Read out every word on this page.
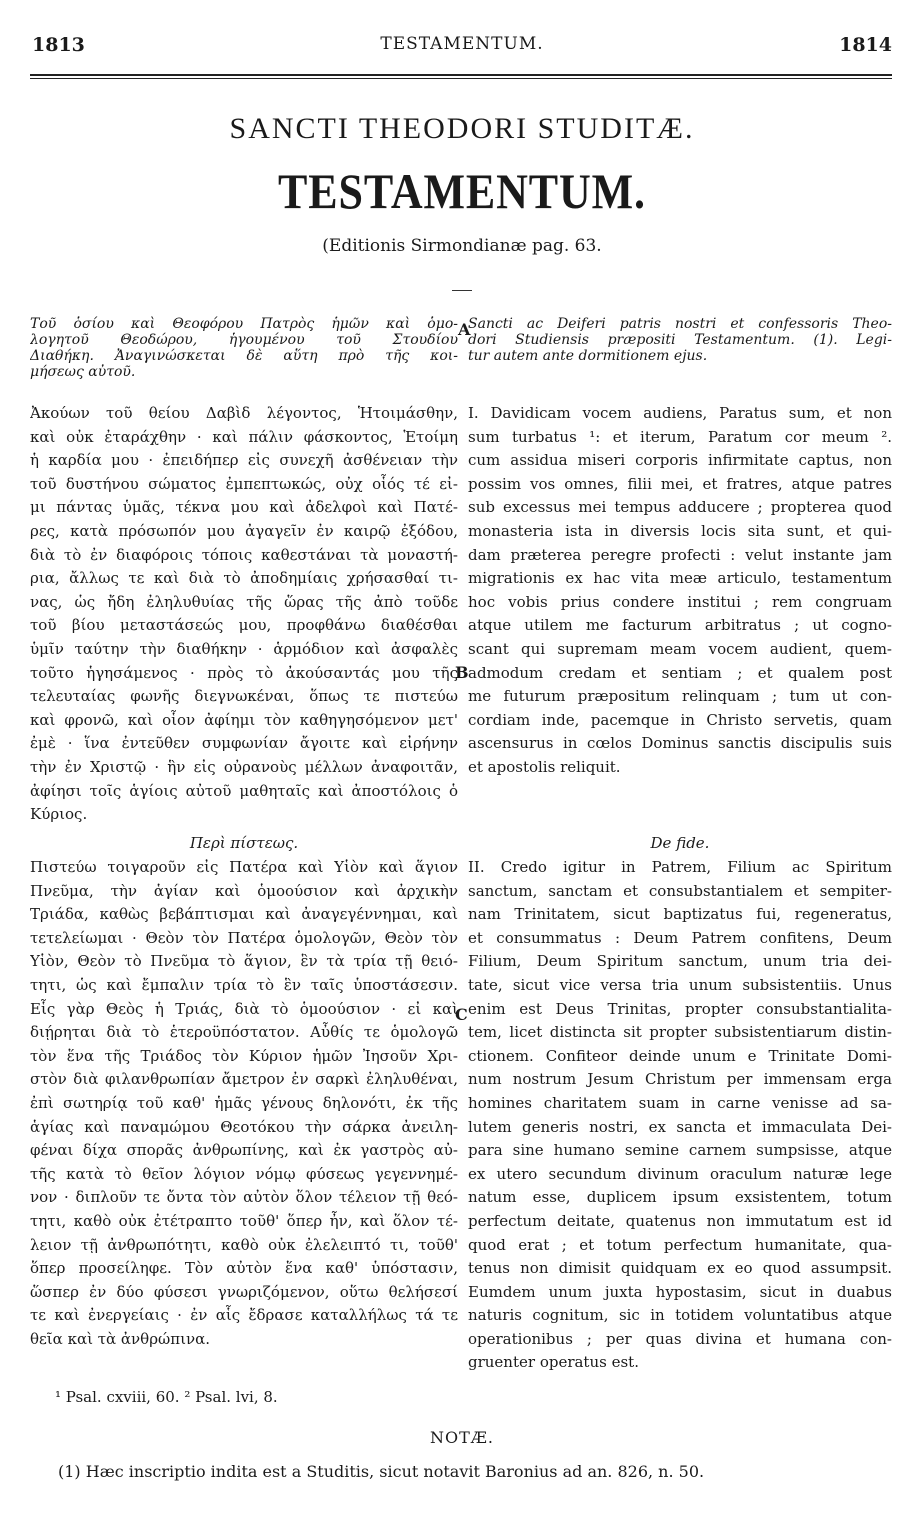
1813	TESTAMENTUM.	1814
SANCTI THEODORI STUDITÆ.
TESTAMENTUM.
(Editionis Sirmondianæ pag. 63.
Τοῦ ὁσίου καὶ Θεοφόρου Πατρὸς ἡμῶν καὶ ὁμο-
λογητοῦ Θεοδώρου, ἡγουμένου τοῦ Στουδίου
Διαθήκη. Ἀναγινώσκεται δὲ αὕτη πρὸ τῆς κοι-
μήσεως αὐτοῦ.
Ἀκούων τοῦ θείου Δαβὶδ λέγοντος, Ἡτοιμάσθην,
καὶ οὐκ ἐταράχθην · καὶ πάλιν φάσκοντος, Ἑτοίμη
ἡ καρδία μου · ἐπειδήπερ εἰς συνεχῆ ἀσθένειαν τὴν
τοῦ δυστήνου σώματος ἐμπεπτωκώς, οὐχ οἷός τέ εἰ-
μι πάντας ὑμᾶς, τέκνα μου καὶ ἀδελφοὶ καὶ Πατέ-
ρες, κατὰ πρόσωπόν μου ἀγαγεῖν ἐν καιρῷ ἐξόδου,
διὰ τὸ ἐν διαφόροις τόποις καθεστάναι τὰ μοναστή-
ρια, ἄλλως τε καὶ διὰ τὸ ἀποδημίαις χρήσασθαί τι-
νας, ὡς ἤδη ἐληλυθυίας τῆς ὥρας τῆς ἀπὸ τοῦδε
τοῦ βίου μεταστάσεώς μου, προφθάνω διαθέσθαι
ὑμῖν ταύτην τὴν διαθήκην · ἁρμόδιον καὶ ἀσφαλὲς
τοῦτο ἡγησάμενος · πρὸς τὸ ἀκούσαντάς μου τῆς
τελευταίας φωνῆς διεγνωκέναι, ὅπως τε πιστεύω
καὶ φρονῶ, καὶ οἷον ἀφίημι τὸν καθηγησόμενον μετ'
ἐμὲ · ἵνα ἐντεῦθεν συμφωνίαν ἄγοιτε καὶ εἰρήνην
τὴν ἐν Χριστῷ · ἣν εἰς οὐρανοὺς μέλλων ἀναφοιτᾶν,
ἀφίησι τοῖς ἁγίοις αὐτοῦ μαθηταῖς καὶ ἀποστόλοις ὁ
Κύριος.
Περὶ πίστεως.
Πιστεύω τοιγαροῦν εἰς Πατέρα καὶ Υἱὸν καὶ ἅγιον
Πνεῦμα, τὴν ἁγίαν καὶ ὁμοούσιον καὶ ἀρχικὴν
Τριάδα, καθὼς βεβάπτισμαι καὶ ἀναγεγέννημαι, καὶ
τετελείωμαι · Θεὸν τὸν Πατέρα ὁμολογῶν, Θεὸν τὸν
Υἱὸν, Θεὸν τὸ Πνεῦμα τὸ ἅγιον, ἓν τὰ τρία τῇ θειό-
τητι, ὡς καὶ ἔμπαλιν τρία τὸ ἓν ταῖς ὑποστάσεσιν.
Εἷς γὰρ Θεὸς ἡ Τριάς, διὰ τὸ ὁμοούσιον · εἰ καὶ
διῄρηται διὰ τὸ ἑτεροϋπόστατον. Αὖθίς τε ὁμολογῶ
τὸν ἕνα τῆς Τριάδος τὸν Κύριον ἡμῶν Ἰησοῦν Χρι-
στὸν διὰ φιλανθρωπίαν ἄμετρον ἐν σαρκὶ ἐληλυθέναι,
ἐπὶ σωτηρίᾳ τοῦ καθ' ἡμᾶς γένους δηλονότι, ἐκ τῆς
ἁγίας καὶ παναμώμου Θεοτόκου τὴν σάρκα ἀνειλη-
φέναι δίχα σπορᾶς ἀνθρωπίνης, καὶ ἐκ γαστρὸς αὐ-
τῆς κατὰ τὸ θεῖον λόγιον νόμῳ φύσεως γεγεννημέ-
νον · διπλοῦν τε ὄντα τὸν αὐτὸν ὅλον τέλειον τῇ θεό-
τητι, καθὸ οὐκ ἐτέτραπτο τοῦθ' ὅπερ ἦν, καὶ ὅλον τέ-
λειον τῇ ἀνθρωπότητι, καθὸ οὐκ ἐλελειπτό τι, τοῦθ'
ὅπερ προσείληφε. Τὸν αὐτὸν ἕνα καθ' ὑπόστασιν,
ὥσπερ ἐν δύο φύσεσι γνωριζόμενον, οὕτω θελήσεσί
τε καὶ ἐνεργείαις · ἐν αἷς ἔδρασε καταλλήλως τά τε
θεῖα καὶ τὰ ἀνθρώπινα.
Sancti ac Deiferi patris nostri et confessoris Theo-
dori Studiensis præpositi Testamentum. (1). Legi-
tur autem ante dormitionem ejus.
I. Davidicam vocem audiens, Paratus sum, et non
sum turbatus ¹: et iterum, Paratum cor meum ².
cum assidua miseri corporis infirmitate captus, non
possim vos omnes, filii mei, et fratres, atque patres
sub excessus mei tempus adducere ; propterea quod
monasteria ista in diversis locis sita sunt, et qui-
dam præterea peregre profecti : velut instante jam
migrationis ex hac vita meæ articulo, testamentum
hoc vobis prius condere institui ; rem congruam
atque utilem me facturum arbitratus ; ut cogno-
scant qui supremam meam vocem audient, quem-
admodum credam et sentiam ; et qualem post
me futurum præpositum relinquam ; tum ut con-
cordiam inde, pacemque in Christo servetis, quam
ascensurus in cœlos Dominus sanctis discipulis suis
et apostolis reliquit.
De fide.
II. Credo igitur in Patrem, Filium ac Spiritum
sanctum, sanctam et consubstantialem et sempiter-
nam Trinitatem, sicut baptizatus fui, regeneratus,
et consummatus : Deum Patrem confitens, Deum
Filium, Deum Spiritum sanctum, unum tria dei-
tate, sicut vice versa tria unum subsistentiis. Unus
enim est Deus Trinitas, propter consubstantialita-
tem, licet distincta sit propter subsistentiarum distin-
ctionem. Confiteor deinde unum e Trinitate Domi-
num nostrum Jesum Christum per immensam erga
homines charitatem suam in carne venisse ad sa-
lutem generis nostri, ex sancta et immaculata Dei-
para sine humano semine carnem sumpsisse, atque
ex utero secundum divinum oraculum naturæ lege
natum esse, duplicem ipsum exsistentem, totum
perfectum deitate, quatenus non immutatum est id
quod erat ; et totum perfectum humanitate, qua-
tenus non dimisit quidquam ex eo quod assumpsit.
Eumdem unum juxta hypostasim, sicut in duabus
naturis cognitum, sic in totidem voluntatibus atque
operationibus ; per quas divina et humana con-
gruenter operatus est.
A
B
C
¹ Psal. cxviii, 60. ² Psal. lvi, 8.
NOTÆ.
(1) Hæc inscriptio indita est a Studitis, sicut notavit Baronius ad an. 826, n. 50.
